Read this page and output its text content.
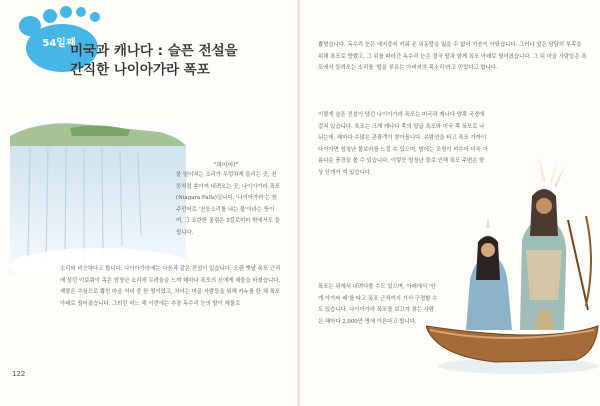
54일째
미국과 캐나다 : 슬픈 전설을
간직한 나이아가라 폭포
"콰아아!"
물 떨어지는 소리가 우렁차게 들리는 곳, 천둥처럼 쏟아져 내려오는 곳, 나이아가라 폭포(Niagara Falls)입니다. '나이아가라'는 원주민어로 '천둥소리를 내는 물'이라는 뜻이며, 그 요란한 울림은 5킬로미터 밖에서도 들립니다.
소리와 비슷하다고 합니다. 나이아가라에는 다음과 같은 전설이 있습니다. 오랜 옛날 폭포 근처에 살던 이로쿼이 족은 엄청난 소리에 두려움을 느껴 해마다 폭포의 신에게 제물을 바쳤습니다. 제물은 추첨으로 뽑힌 마을 처녀 중 한 명이었고, 처녀는 마을 사람들을 위해 카누를 탄 채 폭포 아래로 떨어졌습니다. 그러던 어느 해 이번에는 추장 독수리 눈의 딸이 제물로
122

뽑혔습니다. 독수리 눈은 애지중지 키워 온 외동딸을 잃을 수 없어 가슴이 아팠습니다. 그러나 딸은 담담히 부족을 위해 폭포로 향했고, 그 뒤를 따라간 독수리 눈은 결국 딸과 함께 폭포 아래로 떨어졌습니다. 그 뒤 마을 사람들은 폭포에서 들려오는 소리를 '딸을 부르는 아버지의 목소리'라고 믿었다고 합니다.

이렇게 슬픈 전설이 담긴 나이아가라 폭포는 미국과 캐나다 양쪽 국경에 걸쳐 있습니다. 폭포는 크게 캐나다 쪽의 말굽 폭포와 미국 쪽 폭포로 나뉘는데, 해마다 수많은 관광객이 찾아옵니다. 유람선을 타고 폭포 가까이 다가가면 엄청난 물보라를 느낄 수 있으며, 밤에는 조명이 비추어 더욱 아름다운 풍경을 볼 수 있습니다. 이렇듯 엄청난 물로 인해 폭포 주변은 항상 안개가 껴 있습니다.

폭포는 위에서 내려다볼 수도 있으며, 아래에서 '안개 아가씨 배'를 타고 폭포 근처까지 가서 구경할 수도 있습니다. 나이아가라 폭포를 보고자 찾는 사람은 해마다 2,000만 명에 이른다고 합니다.
